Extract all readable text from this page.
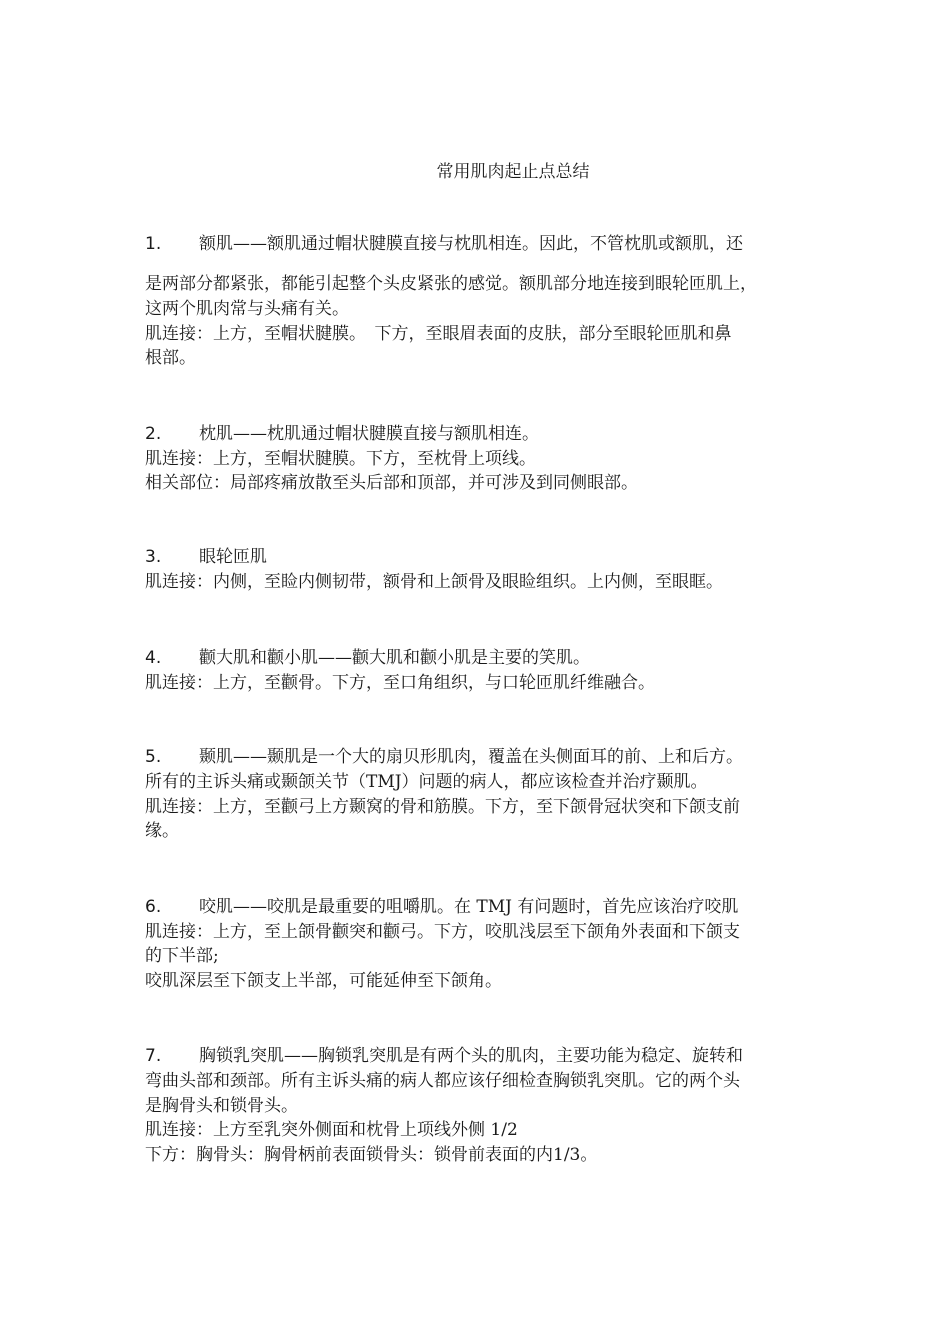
常用肌肉起止点总结
1. 额肌——额肌通过帽状腱膜直接与枕肌相连。因此，不管枕肌或额肌，还
是两部分都紧张，都能引起整个头皮紧张的感觉。额肌部分地连接到眼轮匝肌上，
这两个肌肉常与头痛有关。
肌连接：上方，至帽状腱膜。　下方，至眼眉表面的皮肤，部分至眼轮匝肌和鼻
根部。
2. 枕肌——枕肌通过帽状腱膜直接与额肌相连。
肌连接：上方，至帽状腱膜。下方，至枕骨上项线。
相关部位：局部疼痛放散至头后部和顶部，并可涉及到同侧眼部。
3. 眼轮匝肌
肌连接：内侧，至睑内侧韧带，额骨和上颌骨及眼睑组织。上内侧，至眼眶。
4. 颧大肌和颧小肌——颧大肌和颧小肌是主要的笑肌。
肌连接：上方，至颧骨。下方，至口角组织，与口轮匝肌纤维融合。
5. 颞肌——颞肌是一个大的扇贝形肌肉，覆盖在头侧面耳的前、上和后方。
所有的主诉头痛或颞颌关节（TMJ）问题的病人，都应该检查并治疗颞肌。
肌连接：上方，至颧弓上方颞窝的骨和筋膜。下方，至下颌骨冠状突和下颌支前
缘。
6. 咬肌——咬肌是最重要的咀嚼肌。在 TMJ 有问题时，首先应该治疗咬肌
肌连接：上方，至上颌骨颧突和颧弓。下方，咬肌浅层至下颌角外表面和下颌支
的下半部;
咬肌深层至下颌支上半部，可能延伸至下颌角。
7. 胸锁乳突肌——胸锁乳突肌是有两个头的肌肉，主要功能为稳定、旋转和
弯曲头部和颈部。所有主诉头痛的病人都应该仔细检查胸锁乳突肌。它的两个头
是胸骨头和锁骨头。
肌连接：上方至乳突外侧面和枕骨上项线外侧 1/2
下方：胸骨头：胸骨柄前表面锁骨头：锁骨前表面的内1/3。
